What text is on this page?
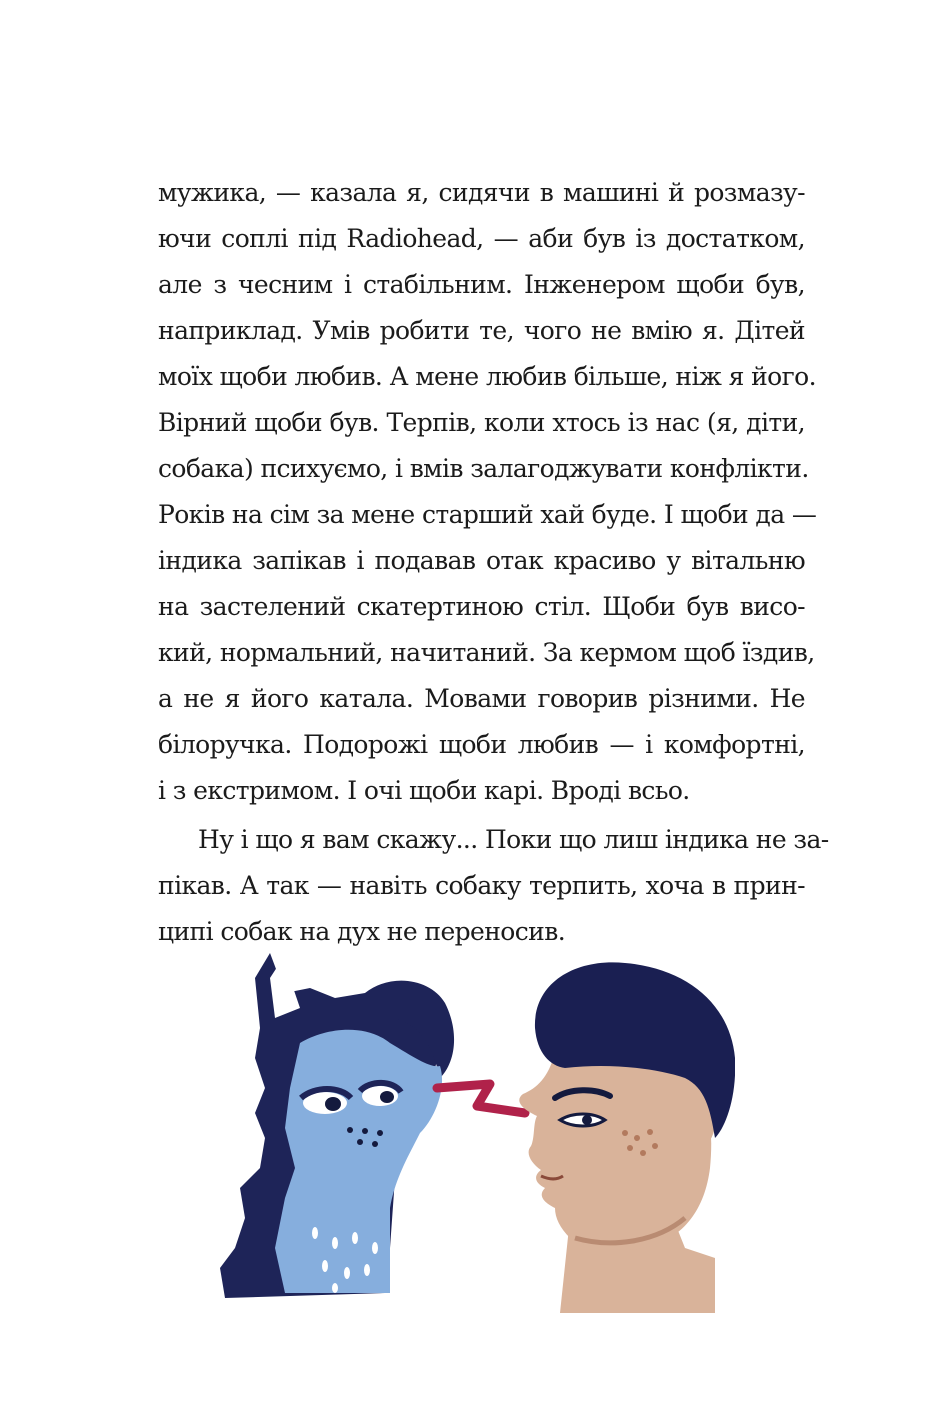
мужика, — казала я, сидячи в машині й розмазу-
ючи соплі під Radiohead, — аби був із достатком,
але з чесним і стабільним. Інженером щоби був,
наприклад. Умів робити те, чого не вмію я. Дітей
моїх щоби любив. А мене любив більше, ніж я його.
Вірний щоби був. Терпів, коли хтось із нас (я, діти,
собака) психуємо, і вмів залагоджувати конфлікти.
Років на сім за мене старший хай буде. І щоби да —
індика запікав і подавав отак красиво у вітальню
на застелений скатертиною стіл. Щоби був висо-
кий, нормальний, начитаний. За кермом щоб їздив,
а не я його катала. Мовами говорив різними. Не
білоручка. Подорожі щоби любив — і комфортні,
і з екстримом. І очі щоби карі. Вроді всьо.
Ну і що я вам скажу... Поки що лиш індика не за-
пікав. А так — навіть собаку терпить, хоча в прин-
ципі собак на дух не переносив.
